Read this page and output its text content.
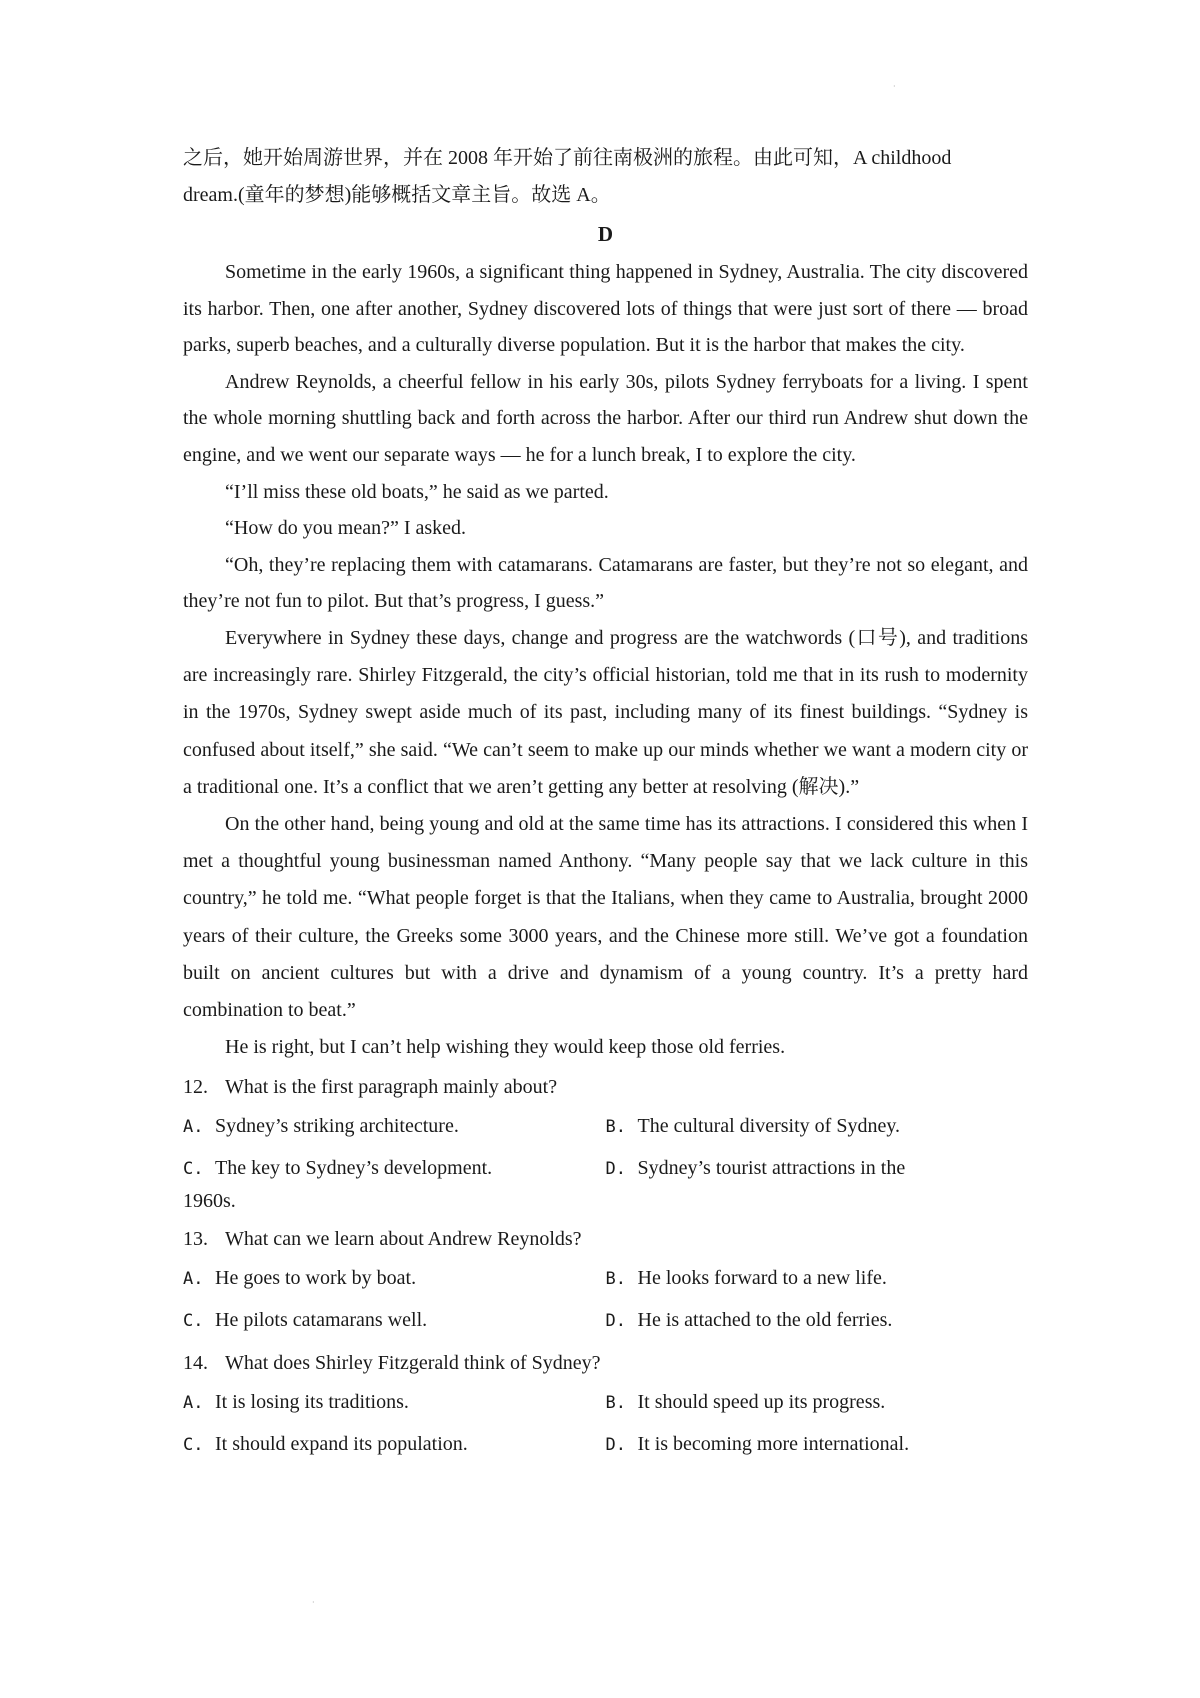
·
·

之后，她开始周游世界，并在 2008 年开始了前往南极洲的旅程。由此可知，A childhood

dream.(童年的梦想)能够概括文章主旨。故选 A。

D

Sometime in the early 1960s, a significant thing happened in Sydney, Australia. The city discovered its harbor. Then, one after another, Sydney discovered lots of things that were just sort of there — broad parks, superb beaches, and a culturally diverse population. But it is the harbor that makes the city.

Andrew Reynolds, a cheerful fellow in his early 30s, pilots Sydney ferryboats for a living. I spent the whole morning shuttling back and forth across the harbor. After our third run Andrew shut down the engine, and we went our separate ways — he for a lunch break, I to explore the city.

“I’ll miss these old boats,” he said as we parted.

“How do you mean?” I asked.

“Oh, they’re replacing them with catamarans. Catamarans are faster, but they’re not so elegant, and they’re not fun to pilot. But that’s progress, I guess.”

Everywhere in Sydney these days, change and progress are the watchwords (口号), and traditions are increasingly rare. Shirley Fitzgerald, the city’s official historian, told me that in its rush to modernity in the 1970s, Sydney swept aside much of its past, including many of its finest buildings. “Sydney is confused about itself,” she said. “We can’t seem to make up our minds whether we want a modern city or a traditional one. It’s a conflict that we aren’t getting any better at resolving (解决).”

On the other hand, being young and old at the same time has its attractions. I considered this when I met a thoughtful young businessman named Anthony. “Many people say that we lack culture in this country,” he told me. “What people forget is that the Italians, when they came to Australia, brought 2000 years of their culture, the Greeks some 3000 years, and the Chinese more still. We’ve got a foundation built on ancient cultures but with a drive and dynamism of a young country. It’s a pretty hard combination to beat.”

He is right, but I can’t help wishing they would keep those old ferries.

12. What is the first paragraph mainly about?

A. Sydney’s striking architecture.	B. The cultural diversity of Sydney.
C. The key to Sydney’s development.	D. Sydney’s tourist attractions in the
1960s.

13. What can we learn about Andrew Reynolds?

A. He goes to work by boat.	B. He looks forward to a new life.
C. He pilots catamarans well.	D. He is attached to the old ferries.

14. What does Shirley Fitzgerald think of Sydney?

A. It is losing its traditions.	B. It should speed up its progress.
C. It should expand its population.	D. It is becoming more international.
